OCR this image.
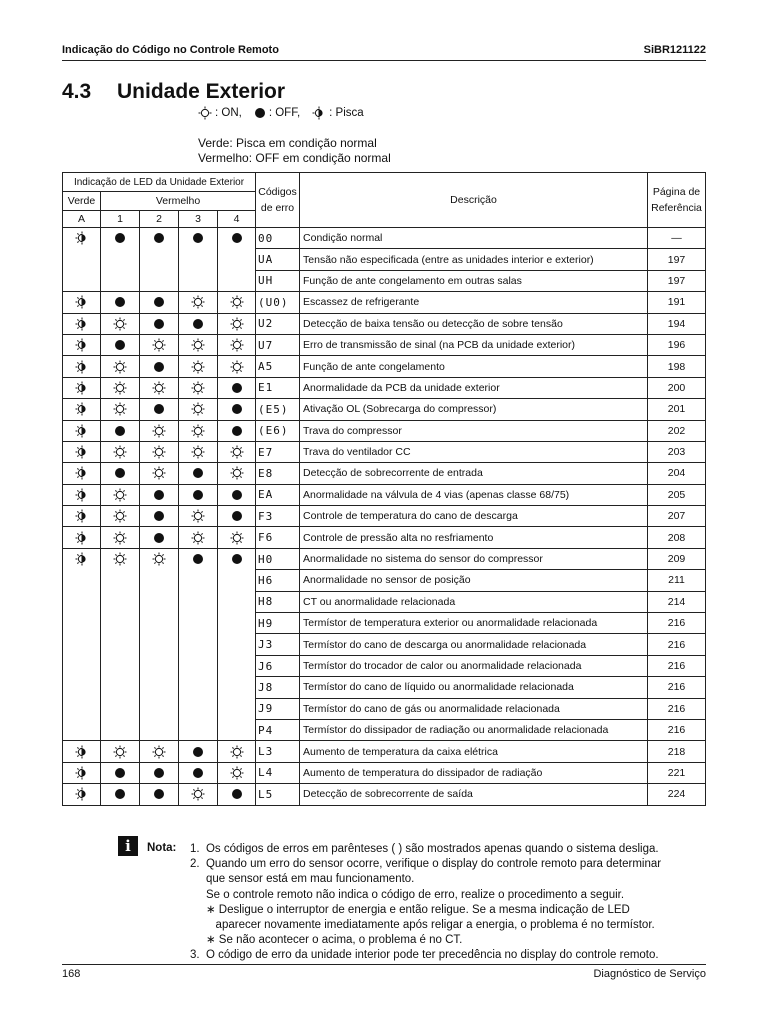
Indicação do Código no Controle Remoto	SiBR121122
4.3 Unidade Exterior
: ON, : OFF,	: Pisca
Verde: Pisca em condição normal
Vermelho: OFF em condição normal
Indicação de LED da Unidade Exterior					Códigos de erro	Descrição	Página de Referência
Verde	Vermelho						
A	1	2	3	4			

	00	Condição normal	—
					UA	Tensão não especificada (entre as unidades interior e exterior)	197
					UH	Função de ante congelamento em outras salas	197

	(U0)	Escassez de refrigerante	191

	U2	Detecção de baixa tensão ou detecção de sobre tensão	194

	U7	Erro de transmissão de sinal (na PCB da unidade exterior)	196

	A5	Função de ante congelamento	198

	E1	Anormalidade da PCB da unidade exterior	200

	(E5)	Ativação OL (Sobrecarga do compressor)	201

	(E6)	Trava do compressor	202

	E7	Trava do ventilador CC	203

	E8	Detecção de sobrecorrente de entrada	204

	EA	Anormalidade na válvula de 4 vias (apenas classe 68/75)	205

	F3	Controle de temperatura do cano de descarga	207

	F6	Controle de pressão alta no resfriamento	208

	H0	Anormalidade no sistema do sensor do compressor	209
					H6	Anormalidade no sensor de posição	211
					H8	CT ou anormalidade relacionada	214
					H9	Termístor de temperatura exterior ou anormalidade relacionada	216
					J3	Termístor do cano de descarga ou anormalidade relacionada	216
					J6	Termístor do trocador de calor ou anormalidade relacionada	216
					J8	Termístor do cano de líquido ou anormalidade relacionada	216
					J9	Termístor do cano de gás ou anormalidade relacionada	216
					P4	Termístor do dissipador de radiação ou anormalidade relacionada	216

	L3	Aumento de temperatura da caixa elétrica	218

	L4	Aumento de temperatura do dissipador de radiação	221

	L5	Detecção de sobrecorrente de saída	224
i	Nota: 1.  Os códigos de erros em parênteses ( ) são mostrados apenas quando o sistema desliga.
2.  Quando um erro do sensor ocorre, verifique o display do controle remoto para determinar
que sensor está em mau funcionamento.
Se o controle remoto não indica o código de erro, realize o procedimento a seguir.
∗ Desligue o interruptor de energia e então religue. Se a mesma indicação de LED
aparecer novamente imediatamente após religar a energia, o problema é no termístor.
∗ Se não acontecer o acima, o problema é no CT.
3.  O código de erro da unidade interior pode ter precedência no display do controle remoto.
168	Diagnóstico de Serviço
